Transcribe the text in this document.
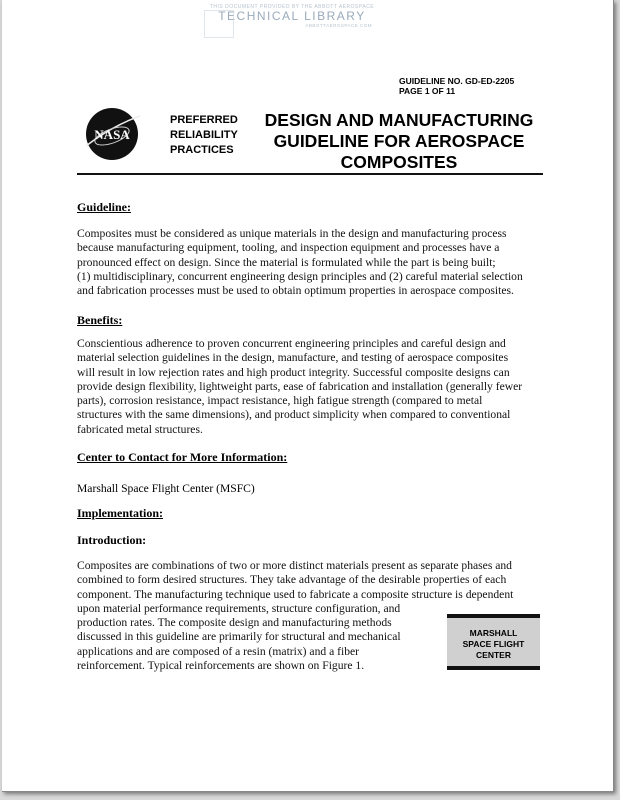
THIS DOCUMENT PROVIDED BY THE ABBOTT AEROSPACE
TECHNICAL LIBRARY
ABBOTTAEROSPACE.COM
GUIDELINE NO. GD-ED-2205
PAGE 1 OF 11
NASA
PREFERRED
RELIABILITY
PRACTICES
DESIGN AND MANUFACTURING
GUIDELINE FOR AEROSPACE
COMPOSITES
Guideline:
Composites must be considered as unique materials in the design and manufacturing process
because manufacturing equipment, tooling, and inspection equipment and processes have a
pronounced effect on design. Since the material is formulated while the part is being built;
(1) multidisciplinary, concurrent engineering design principles and (2) careful material selection
and fabrication processes must be used to obtain optimum properties in aerospace composites.
Benefits:
Conscientious adherence to proven concurrent engineering principles and careful design and
material selection guidelines in the design, manufacture, and testing of aerospace composites
will result in low rejection rates and high product integrity. Successful composite designs can
provide design flexibility, lightweight parts, ease of fabrication and installation (generally fewer
parts), corrosion resistance, impact resistance, high fatigue strength (compared to metal
structures with the same dimensions), and product simplicity when compared to conventional
fabricated metal structures.
Center to Contact for More Information:
Marshall Space Flight Center (MSFC)
Implementation:
Introduction:
Composites are combinations of two or more distinct materials present as separate phases and
combined to form desired structures. They take advantage of the desirable properties of each
component. The manufacturing technique used to fabricate a composite structure is dependent
upon material performance requirements, structure configuration, and
production rates. The composite design and manufacturing methods
discussed in this guideline are primarily for structural and mechanical
applications and are composed of a resin (matrix) and a fiber
reinforcement. Typical reinforcements are shown on Figure 1.
MARSHALL
SPACE FLIGHT
CENTER
